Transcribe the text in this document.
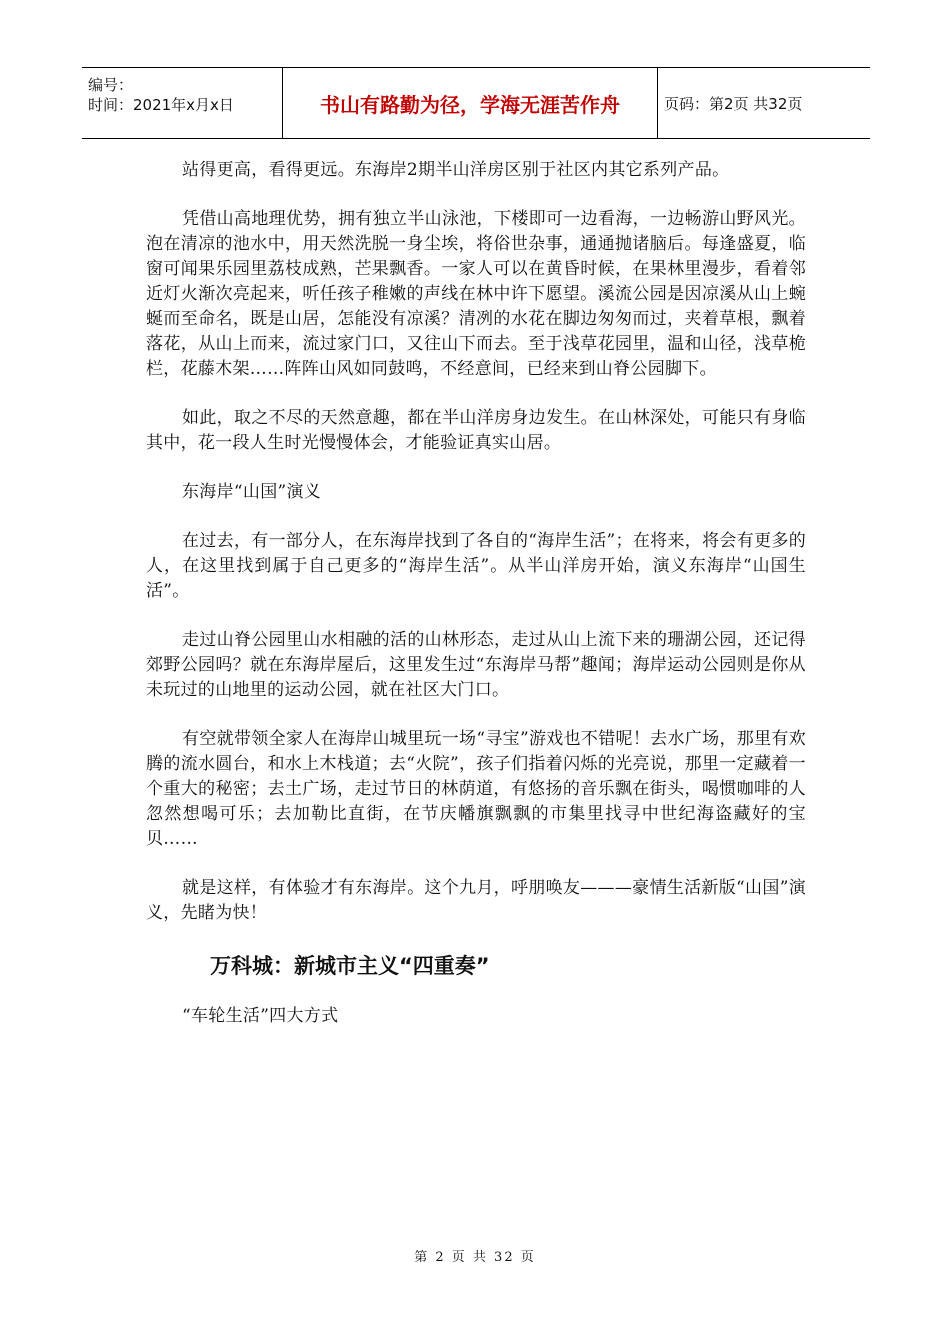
编号：
时间：2021年x月x日	书山有路勤为径，学海无涯苦作舟	页码：第2页 共32页

站得更高，看得更远。东海岸2期半山洋房区别于社区内其它系列产品。

凭借山高地理优势，拥有独立半山泳池，下楼即可一边看海，一边畅游山野风光。泡在清凉的池水中，用天然洗脱一身尘埃，将俗世杂事，通通抛诸脑后。每逢盛夏，临窗可闻果乐园里荔枝成熟，芒果飘香。一家人可以在黄昏时候，在果林里漫步，看着邻近灯火渐次亮起来，听任孩子稚嫩的声线在林中许下愿望。溪流公园是因凉溪从山上蜿蜒而至命名，既是山居，怎能没有凉溪？清冽的水花在脚边匆匆而过，夹着草根，飘着落花，从山上而来，流过家门口，又往山下而去。至于浅草花园里，温和山径，浅草桅栏，花藤木架……阵阵山风如同鼓鸣，不经意间，已经来到山脊公园脚下。

如此，取之不尽的天然意趣，都在半山洋房身边发生。在山林深处，可能只有身临其中，花一段人生时光慢慢体会，才能验证真实山居。

东海岸“山国”演义

在过去，有一部分人，在东海岸找到了各自的“海岸生活”；在将来，将会有更多的人，在这里找到属于自己更多的“海岸生活”。从半山洋房开始，演义东海岸“山国生活”。

走过山脊公园里山水相融的活的山林形态，走过从山上流下来的珊湖公园，还记得郊野公园吗？就在东海岸屋后，这里发生过“东海岸马帮”趣闻；海岸运动公园则是你从未玩过的山地里的运动公园，就在社区大门口。

有空就带领全家人在海岸山城里玩一场“寻宝”游戏也不错呢！去水广场，那里有欢腾的流水圆台，和水上木栈道；去“火院”，孩子们指着闪烁的光亮说，那里一定藏着一个重大的秘密；去土广场，走过节日的林荫道，有悠扬的音乐飘在街头，喝惯咖啡的人忽然想喝可乐；去加勒比直街，在节庆幡旗飘飘的市集里找寻中世纪海盗藏好的宝贝……

就是这样，有体验才有东海岸。这个九月，呼朋唤友———豪情生活新版“山国”演义，先睹为快！

万科城：新城市主义“四重奏”

“车轮生活”四大方式

第 2 页 共 32 页
